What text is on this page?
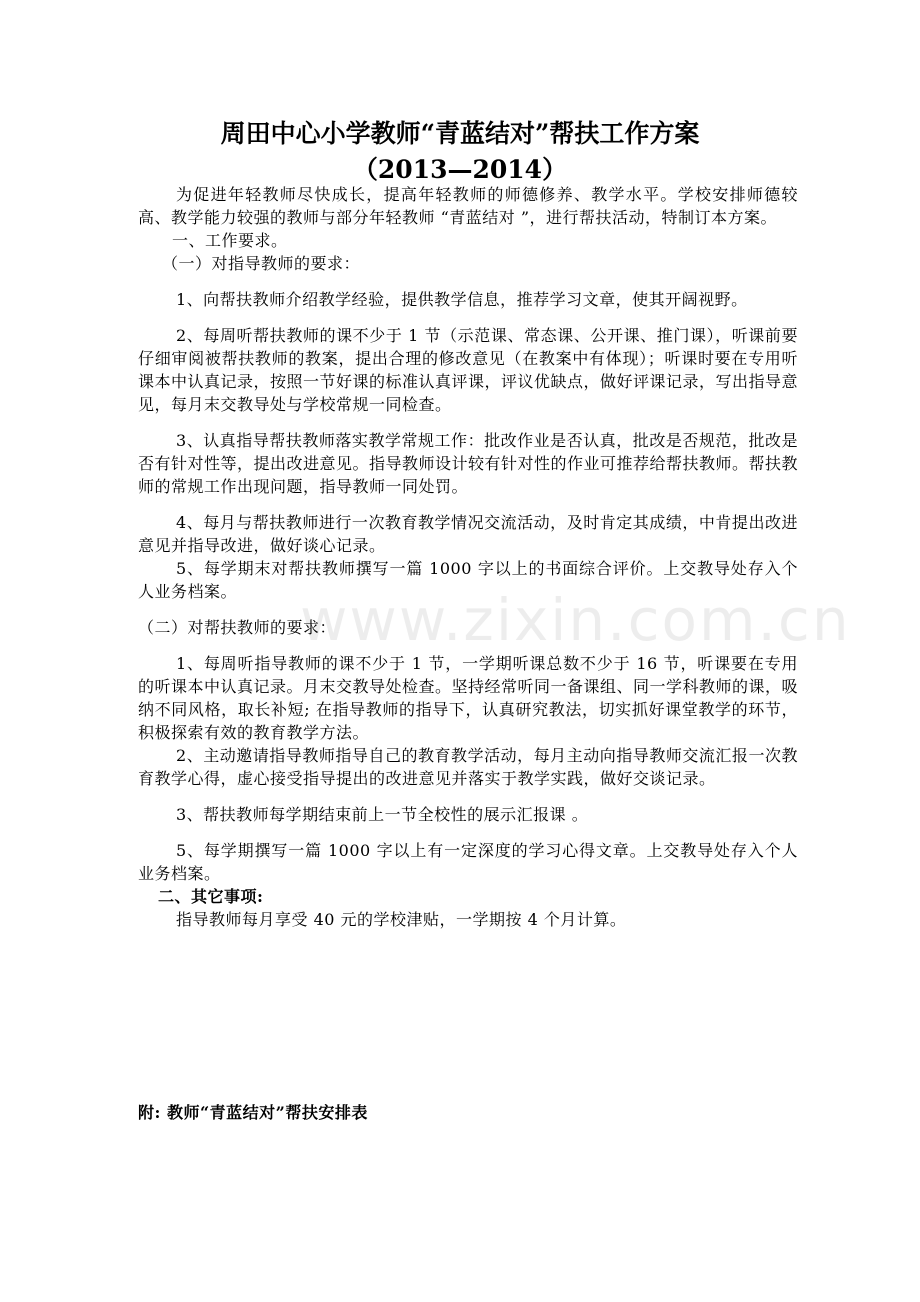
www.zixin.com.cn
周田中心小学教师“青蓝结对”帮扶工作方案
（2013—2014）

为促进年轻教师尽快成长，提高年轻教师的师德修养、教学水平。学校安排师德较高、教学能力较强的教师与部分年轻教师 “青蓝结对 ”，进行帮扶活动，特制订本方案。

一、工作要求。

（一）对指导教师的要求：

1、向帮扶教师介绍教学经验，提供教学信息，推荐学习文章，使其开阔视野。

2、每周听帮扶教师的课不少于 1 节（示范课、常态课、公开课、推门课），听课前要仔细审阅被帮扶教师的教案，提出合理的修改意见（在教案中有体现）；听课时要在专用听课本中认真记录，按照一节好课的标准认真评课，评议优缺点，做好评课记录，写出指导意见，每月末交教导处与学校常规一同检查。

3、认真指导帮扶教师落实教学常规工作：批改作业是否认真，批改是否规范，批改是否有针对性等，提出改进意见。指导教师设计较有针对性的作业可推荐给帮扶教师。帮扶教师的常规工作出现问题，指导教师一同处罚。

4、每月与帮扶教师进行一次教育教学情况交流活动，及时肯定其成绩，中肯提出改进意见并指导改进，做好谈心记录。

5、每学期末对帮扶教师撰写一篇 1000 字以上的书面综合评价。上交教导处存入个人业务档案。

（二）对帮扶教师的要求：

1、每周听指导教师的课不少于 1 节，一学期听课总数不少于 16 节，听课要在专用的听课本中认真记录。月末交教导处检查。坚持经常听同一备课组、同一学科教师的课，吸纳不同风格，取长补短; 在指导教师的指导下，认真研究教法，切实抓好课堂教学的环节，积极探索有效的教育教学方法。

2、主动邀请指导教师指导自己的教育教学活动，每月主动向指导教师交流汇报一次教育教学心得，虚心接受指导提出的改进意见并落实于教学实践，做好交谈记录。

3、帮扶教师每学期结束前上一节全校性的展示汇报课 。

5、每学期撰写一篇 1000 字以上有一定深度的学习心得文章。上交教导处存入个人业务档案。

二、其它事项:

指导教师每月享受 40 元的学校津贴，一学期按 4 个月计算。

附: 教师“青蓝结对”帮扶安排表
